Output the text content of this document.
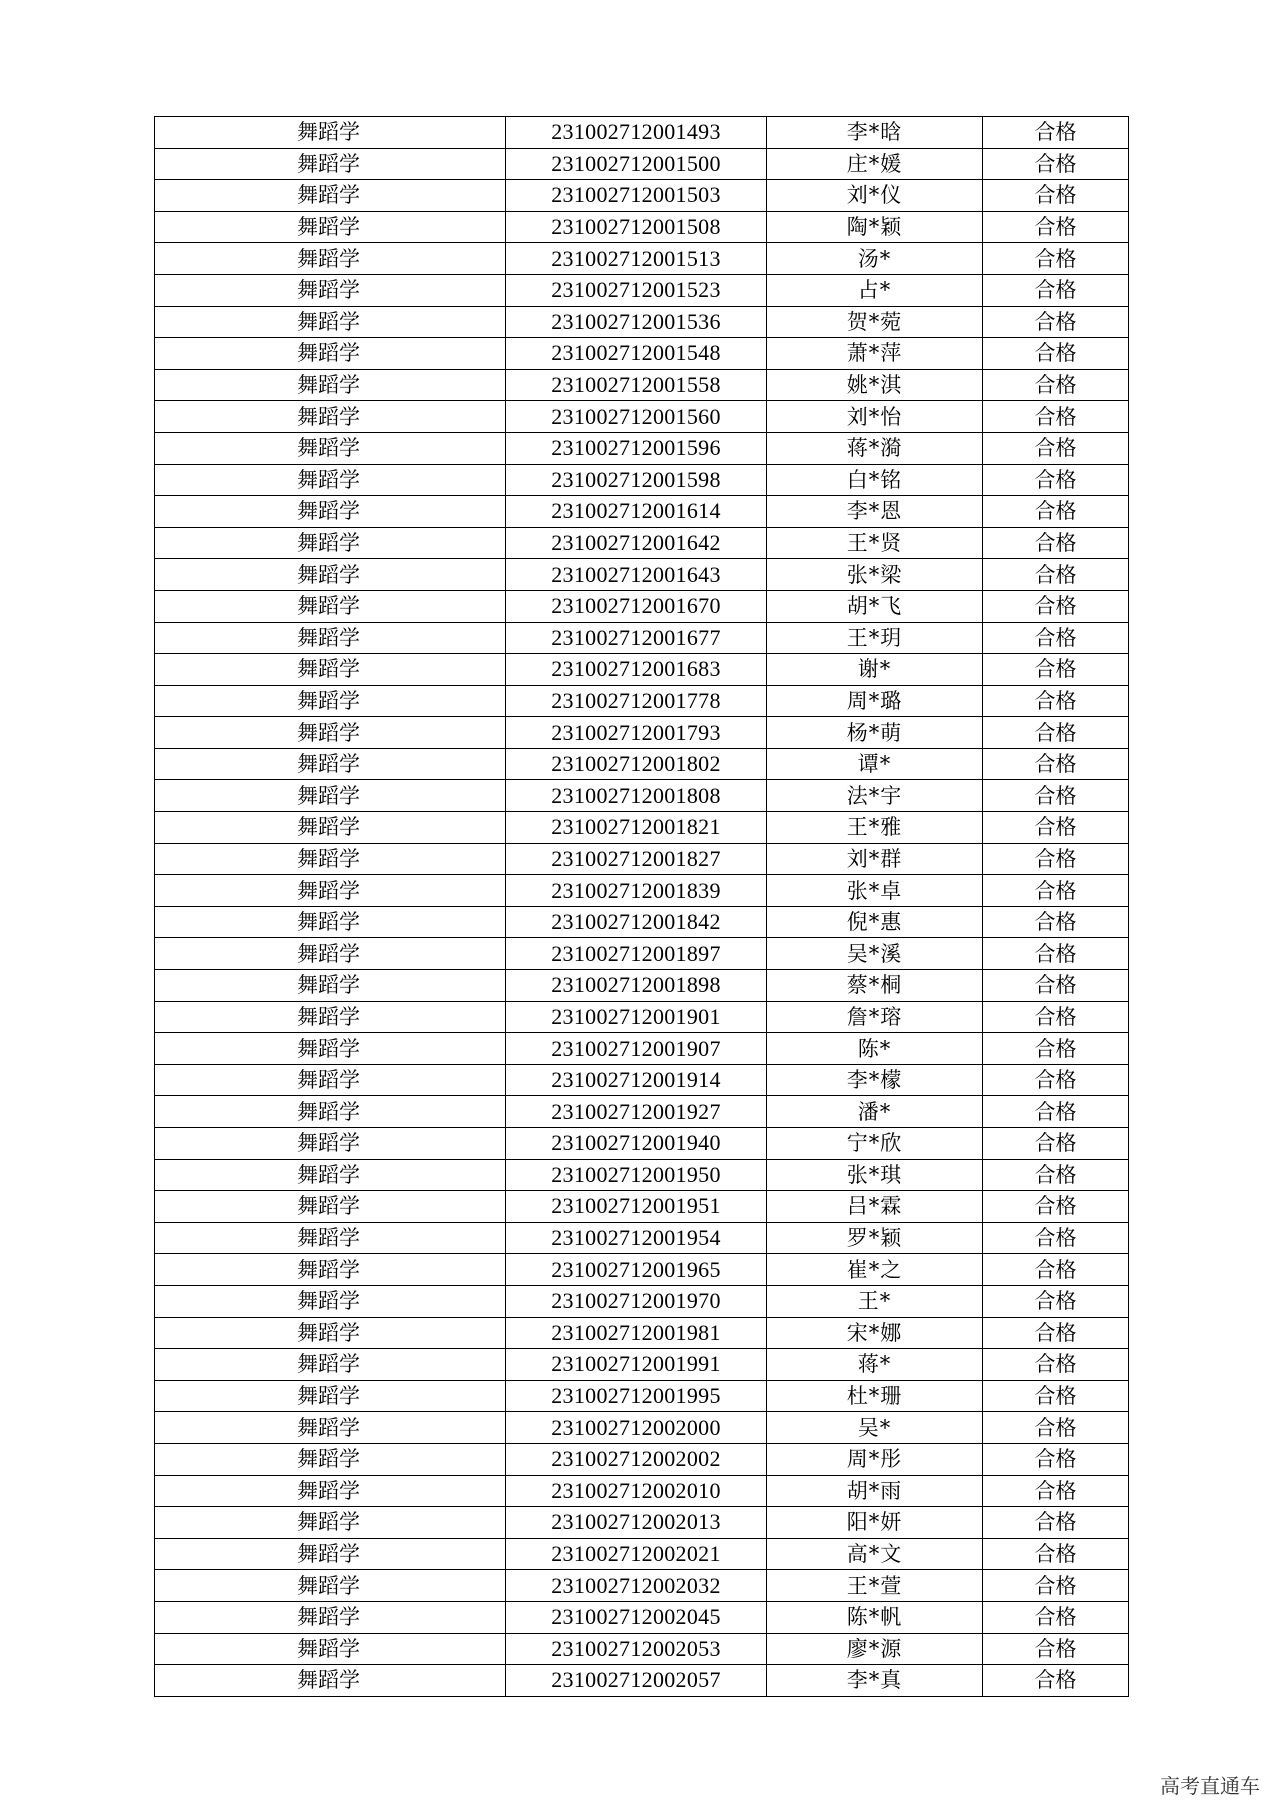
舞蹈学	231002712001493	李*晗	合格
舞蹈学	231002712001500	庄*媛	合格
舞蹈学	231002712001503	刘*仪	合格
舞蹈学	231002712001508	陶*颖	合格
舞蹈学	231002712001513	汤*	合格
舞蹈学	231002712001523	占*	合格
舞蹈学	231002712001536	贺*菀	合格
舞蹈学	231002712001548	萧*萍	合格
舞蹈学	231002712001558	姚*淇	合格
舞蹈学	231002712001560	刘*怡	合格
舞蹈学	231002712001596	蒋*漪	合格
舞蹈学	231002712001598	白*铭	合格
舞蹈学	231002712001614	李*恩	合格
舞蹈学	231002712001642	王*贤	合格
舞蹈学	231002712001643	张*梁	合格
舞蹈学	231002712001670	胡*飞	合格
舞蹈学	231002712001677	王*玥	合格
舞蹈学	231002712001683	谢*	合格
舞蹈学	231002712001778	周*璐	合格
舞蹈学	231002712001793	杨*萌	合格
舞蹈学	231002712001802	谭*	合格
舞蹈学	231002712001808	法*宇	合格
舞蹈学	231002712001821	王*雅	合格
舞蹈学	231002712001827	刘*群	合格
舞蹈学	231002712001839	张*卓	合格
舞蹈学	231002712001842	倪*惠	合格
舞蹈学	231002712001897	吴*溪	合格
舞蹈学	231002712001898	蔡*桐	合格
舞蹈学	231002712001901	詹*瑢	合格
舞蹈学	231002712001907	陈*	合格
舞蹈学	231002712001914	李*檬	合格
舞蹈学	231002712001927	潘*	合格
舞蹈学	231002712001940	宁*欣	合格
舞蹈学	231002712001950	张*琪	合格
舞蹈学	231002712001951	吕*霖	合格
舞蹈学	231002712001954	罗*颖	合格
舞蹈学	231002712001965	崔*之	合格
舞蹈学	231002712001970	王*	合格
舞蹈学	231002712001981	宋*娜	合格
舞蹈学	231002712001991	蒋*	合格
舞蹈学	231002712001995	杜*珊	合格
舞蹈学	231002712002000	吴*	合格
舞蹈学	231002712002002	周*彤	合格
舞蹈学	231002712002010	胡*雨	合格
舞蹈学	231002712002013	阳*妍	合格
舞蹈学	231002712002021	高*文	合格
舞蹈学	231002712002032	王*萱	合格
舞蹈学	231002712002045	陈*帆	合格
舞蹈学	231002712002053	廖*源	合格
舞蹈学	231002712002057	李*真	合格
高考直通车
